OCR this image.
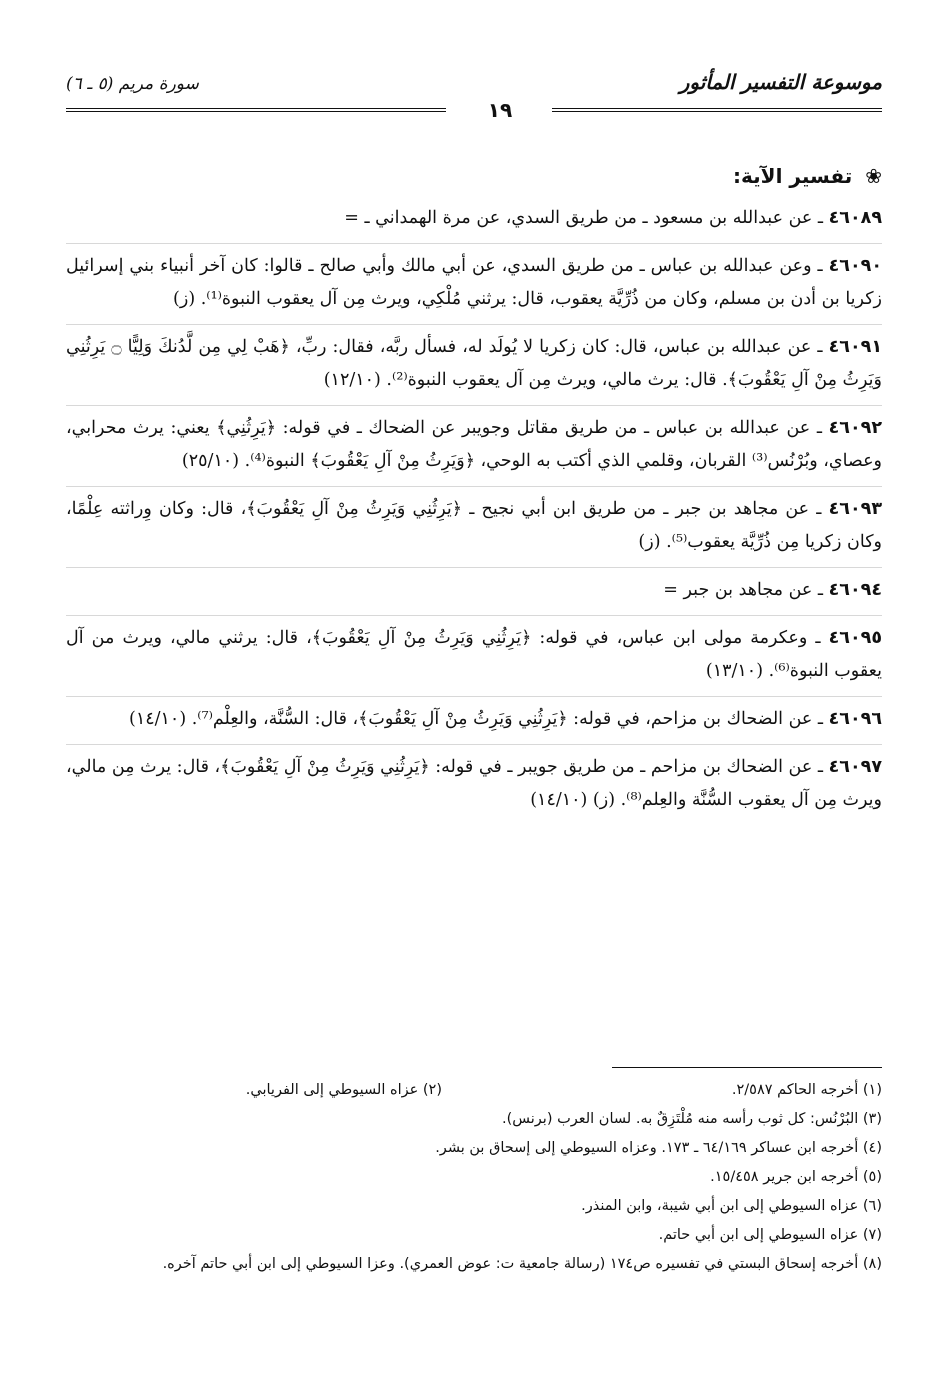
موسوعة التفسير المأثور
سورة مريم (٥ ـ ٦)
١٩
❀ تفسير الآية:

٤٦٠٨٩ ـ عن عبدالله بن مسعود ـ من طريق السدي، عن مرة الهمداني ـ =

٤٦٠٩٠ ـ وعن عبدالله بن عباس ـ من طريق السدي، عن أبي مالك وأبي صالح ـ قالوا: كان آخر أنبياء بني إسرائيل زكريا بن أدن بن مسلم، وكان من ذُرِّيَّة يعقوب، قال: يرثني مُلْكِي، ويرث مِن آل يعقوب النبوة⁽¹⁾. (ز)

٤٦٠٩١ ـ عن عبدالله بن عباس، قال: كان زكريا لا يُولَد له، فسأل ربَّه، فقال: ربِّ، ﴿هَبْ لِي مِن لَّدُنكَ وَلِيًّا ۝ يَرِثُنِي وَيَرِثُ مِنْ آلِ يَعْقُوبَ﴾. قال: يرث مالي، ويرث مِن آل يعقوب النبوة⁽²⁾. (١٢/١٠)

٤٦٠٩٢ ـ عن عبدالله بن عباس ـ من طريق مقاتل وجويبر عن الضحاك ـ في قوله: ﴿يَرِثُنِي﴾ يعني: يرث محرابي، وعصاي، وبُرْنُس⁽³⁾ القربان، وقلمي الذي أكتب به الوحي، ﴿وَيَرِثُ مِنْ آلِ يَعْقُوبَ﴾ النبوة⁽⁴⁾. (٢٥/١٠)

٤٦٠٩٣ ـ عن مجاهد بن جبر ـ من طريق ابن أبي نجيح ـ ﴿يَرِثُنِي وَيَرِثُ مِنْ آلِ يَعْقُوبَ﴾، قال: وكان وِراثته عِلْمًا، وكان زكريا مِن ذُرِّيَّة يعقوب⁽⁵⁾. (ز)

٤٦٠٩٤ ـ عن مجاهد بن جبر =

٤٦٠٩٥ ـ وعكرمة مولى ابن عباس، في قوله: ﴿يَرِثُنِي وَيَرِثُ مِنْ آلِ يَعْقُوبَ﴾، قال: يرثني مالي، ويرث من آل يعقوب النبوة⁽⁶⁾. (١٣/١٠)

٤٦٠٩٦ ـ عن الضحاك بن مزاحم، في قوله: ﴿يَرِثُنِي وَيَرِثُ مِنْ آلِ يَعْقُوبَ﴾، قال: السُّنَّة، والعِلْم⁽⁷⁾. (١٤/١٠)

٤٦٠٩٧ ـ عن الضحاك بن مزاحم ـ من طريق جويبر ـ في قوله: ﴿يَرِثُنِي وَيَرِثُ مِنْ آلِ يَعْقُوبَ﴾، قال: يرث مِن مالي، ويرث مِن آل يعقوب السُّنَّة والعِلم⁽⁸⁾. (ز) (١٤/١٠)

(١) أخرجه الحاكم ٢/٥٨٧.
(٢) عزاه السيوطي إلى الفريابي.
(٣) البُرْنُس: كل ثوب رأسه منه مُلْتَزِقٌ به. لسان العرب (برنس).
(٤) أخرجه ابن عساكر ٦٤/١٦٩ ـ ١٧٣. وعزاه السيوطي إلى إسحاق بن بشر.
(٥) أخرجه ابن جرير ١٥/٤٥٨.
(٦) عزاه السيوطي إلى ابن أبي شيبة، وابن المنذر.
(٧) عزاه السيوطي إلى ابن أبي حاتم.
(٨) أخرجه إسحاق البستي في تفسيره ص١٧٤ (رسالة جامعية ت: عوض العمري). وعزا السيوطي إلى ابن أبي حاتم آخره.
